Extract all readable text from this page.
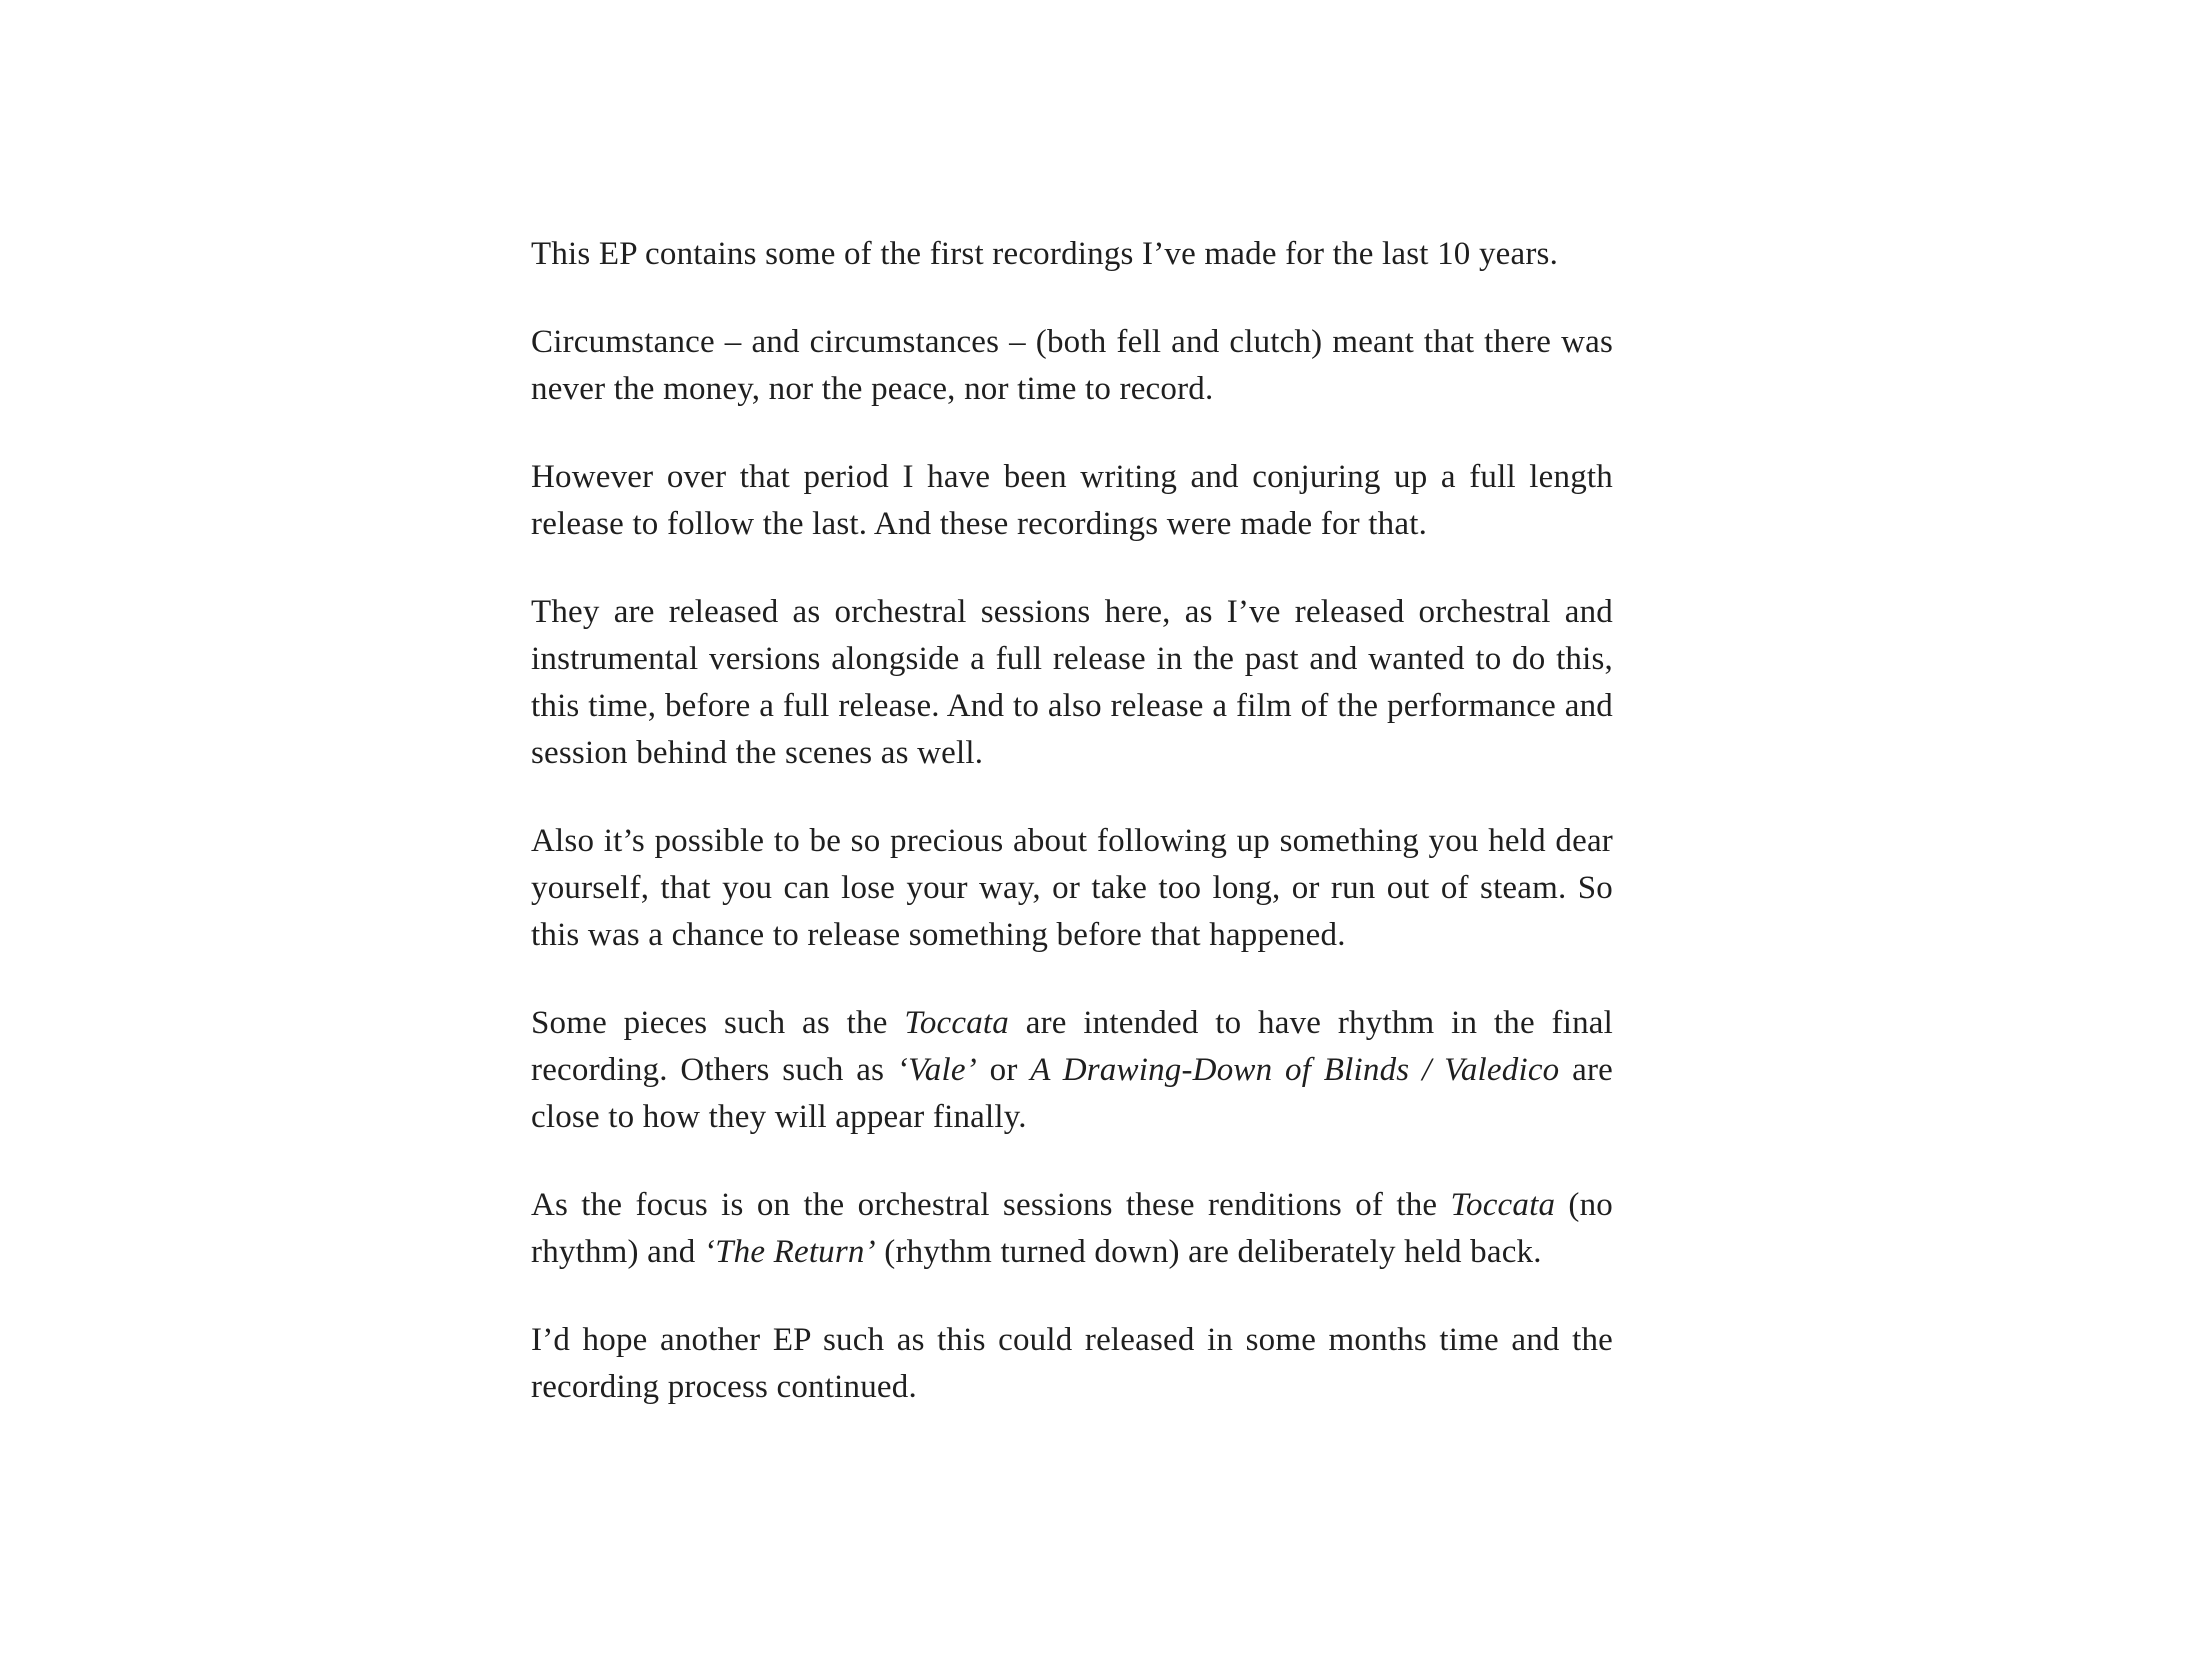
This EP contains some of the first recordings I’ve made for the last 10 years.

Circumstance – and circumstances – (both fell and clutch) meant that there was never the money, nor the peace, nor time to record.

However over that period I have been writing and conjuring up a full length release to follow the last. And these recordings were made for that.

They are released as orchestral sessions here, as I’ve released orchestral and instrumental versions alongside a full release in the past and wanted to do this, this time, before a full release. And to also release a film of the performance and session behind the scenes as well.

Also it’s possible to be so precious about following up something you held dear yourself, that you can lose your way, or take too long, or run out of steam. So this was a chance to release something before that happened.

Some pieces such as the Toccata are intended to have rhythm in the final recording. Others such as ‘Vale’ or A Drawing-Down of Blinds / Valedico are close to how they will appear finally.

As the focus is on the orchestral sessions these renditions of the Toccata (no rhythm) and ‘The Return’ (rhythm turned down) are deliberately held back.

I’d hope another EP such as this could released in some months time and the recording process continued.
